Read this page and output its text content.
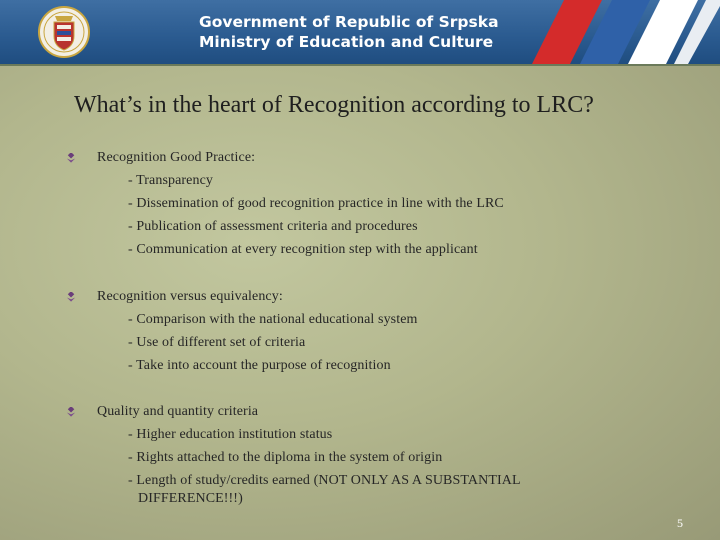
Government of Republic of Srpska
Ministry of Education and Culture
What’s in the heart of Recognition according to LRC?
Recognition Good Practice:
- Transparency
- Dissemination of good recognition practice in line with the LRC
- Publication of assessment criteria and procedures
- Communication at every recognition step with the applicant
Recognition versus equivalency:
- Comparison with the national educational system
- Use of different set of criteria
- Take into account the purpose of recognition
Quality and quantity criteria
- Higher education institution status
- Rights attached to the diploma in the system of origin
- Length of study/credits earned (NOT ONLY AS A SUBSTANTIAL
DIFFERENCE!!!)
5
